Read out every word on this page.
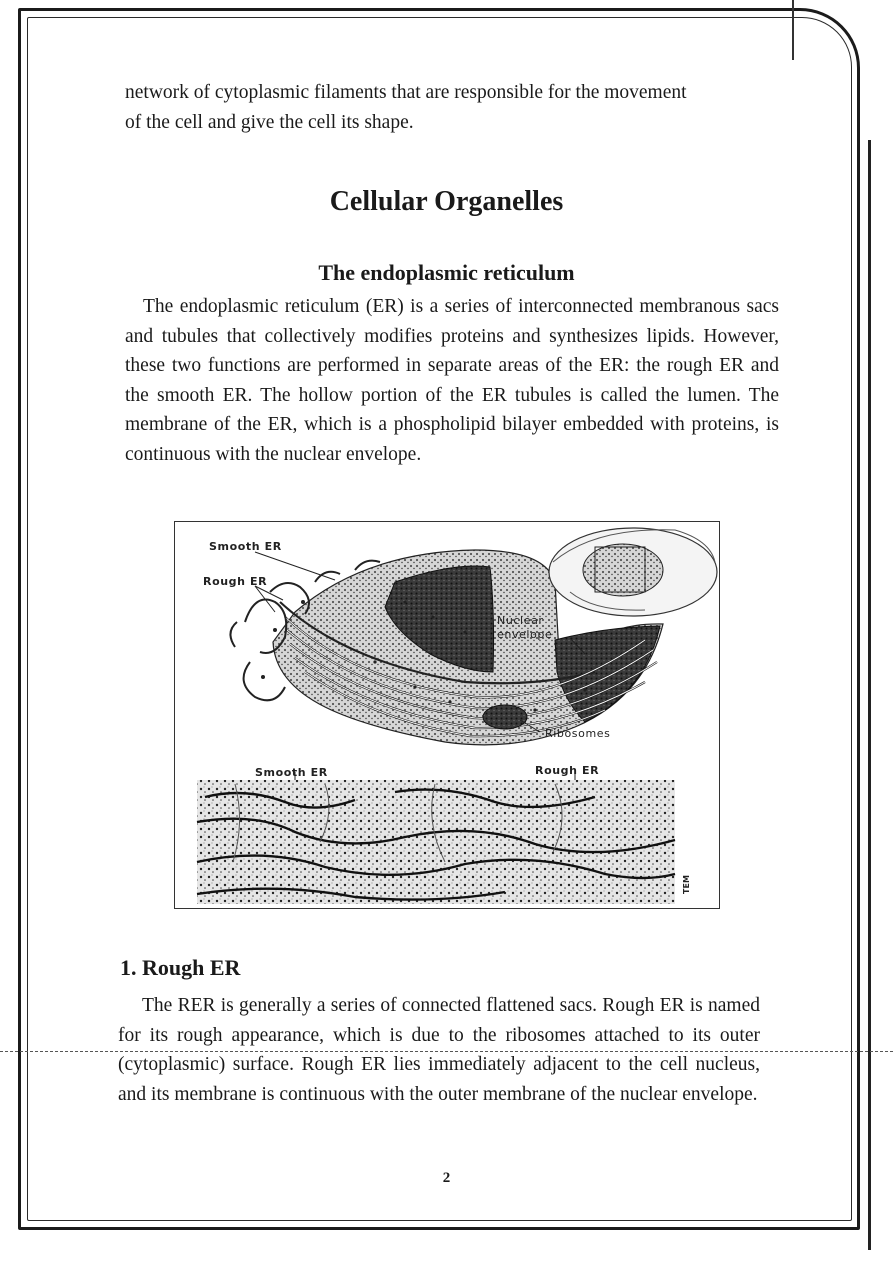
network of cytoplasmic filaments that are responsible for the movement

of the cell and give the cell its shape.

Cellular Organelles
The endoplasmic reticulum

The endoplasmic reticulum (ER) is a series of interconnected membranous sacs and tubules that collectively modifies proteins and synthesizes lipids. However, these two functions are performed in separate areas of the ER: the rough ER and the smooth ER. The hollow portion of the ER tubules is called the lumen. The membrane of the ER, which is a phospholipid bilayer embedded with proteins, is continuous with the nuclear envelope.

Smooth ER
Rough ER
Nuclear
envelope
Ribosomes
Smooth ER	Rough ER
TEM
1. Rough ER

The RER is generally a series of connected flattened sacs. Rough ER is named for its rough appearance, which is due to the ribosomes attached to its outer (cytoplasmic) surface. Rough ER lies immediately adjacent to the cell nucleus, and its membrane is continuous with the outer membrane of the nuclear envelope.

2
